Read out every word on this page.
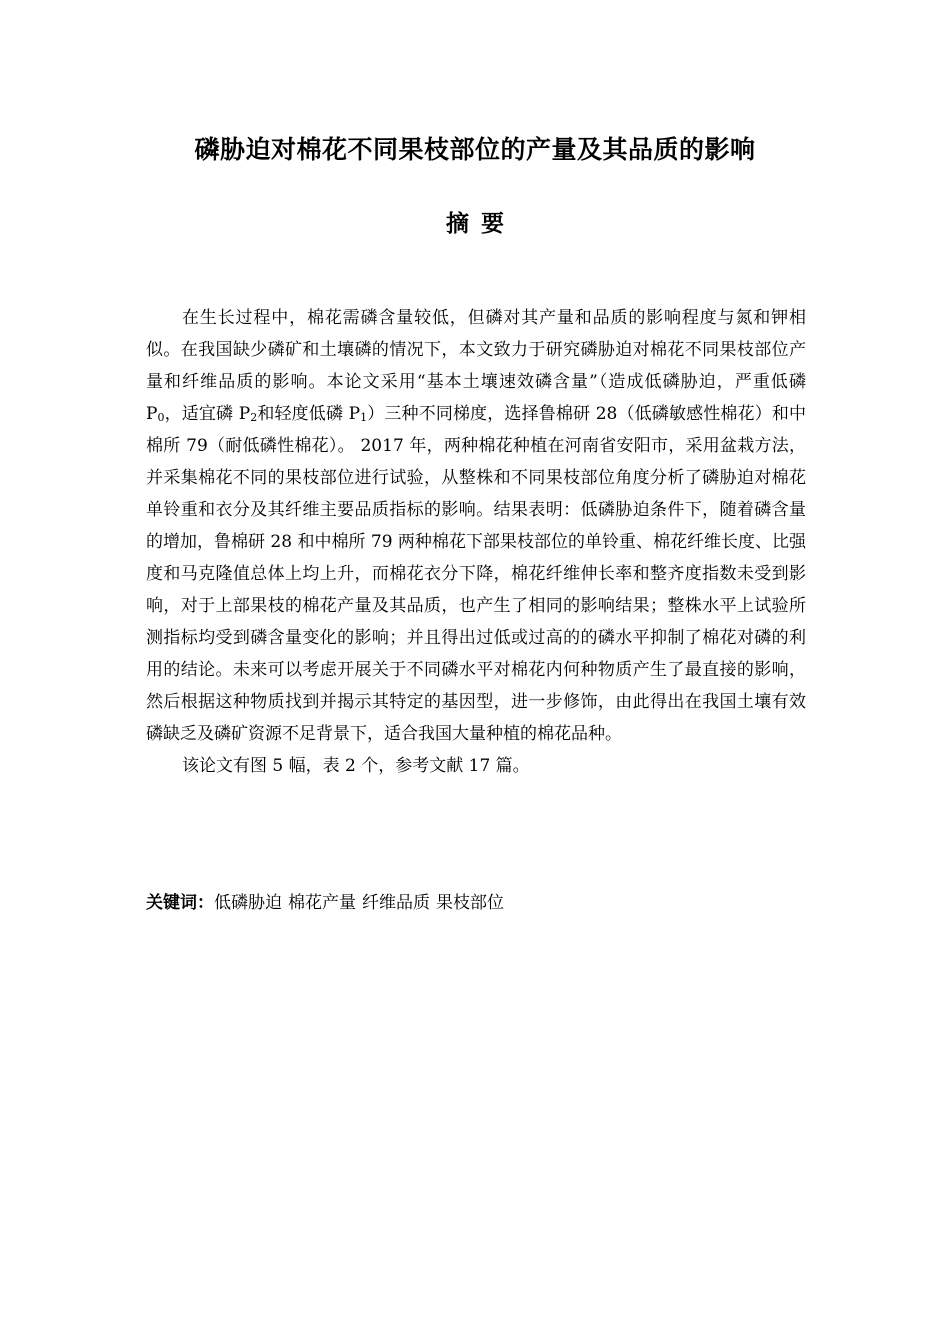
磷胁迫对棉花不同果枝部位的产量及其品质的影响
摘要

在生长过程中，棉花需磷含量较低，但磷对其产量和品质的影响程度与氮和钾相似。在我国缺少磷矿和土壤磷的情况下，本文致力于研究磷胁迫对棉花不同果枝部位产量和纤维品质的影响。本论文采用“基本土壤速效磷含量”（造成低磷胁迫，严重低磷 $P_0$，适宜磷 $P_2$和轻度低磷 $P_1$）三种不同梯度，选择鲁棉研 28（低磷敏感性棉花）和中棉所 79（耐低磷性棉花）。 2017 年，两种棉花种植在河南省安阳市，采用盆栽方法，并采集棉花不同的果枝部位进行试验，从整株和不同果枝部位角度分析了磷胁迫对棉花单铃重和衣分及其纤维主要品质指标的影响。结果表明：低磷胁迫条件下，随着磷含量的增加，鲁棉研 28 和中棉所 79 两种棉花下部果枝部位的单铃重、棉花纤维长度、比强度和马克隆值总体上均上升，而棉花衣分下降，棉花纤维伸长率和整齐度指数未受到影响，对于上部果枝的棉花产量及其品质，也产生了相同的影响结果；整株水平上试验所测指标均受到磷含量变化的影响；并且得出过低或过高的的磷水平抑制了棉花对磷的利用的结论。未来可以考虑开展关于不同磷水平对棉花内何种物质产生了最直接的影响，然后根据这种物质找到并揭示其特定的基因型，进一步修饰，由此得出在我国土壤有效磷缺乏及磷矿资源不足背景下，适合我国大量种植的棉花品种。

该论文有图 5 幅，表 2 个，参考文献 17 篇。

关键词：低磷胁迫 棉花产量 纤维品质 果枝部位
